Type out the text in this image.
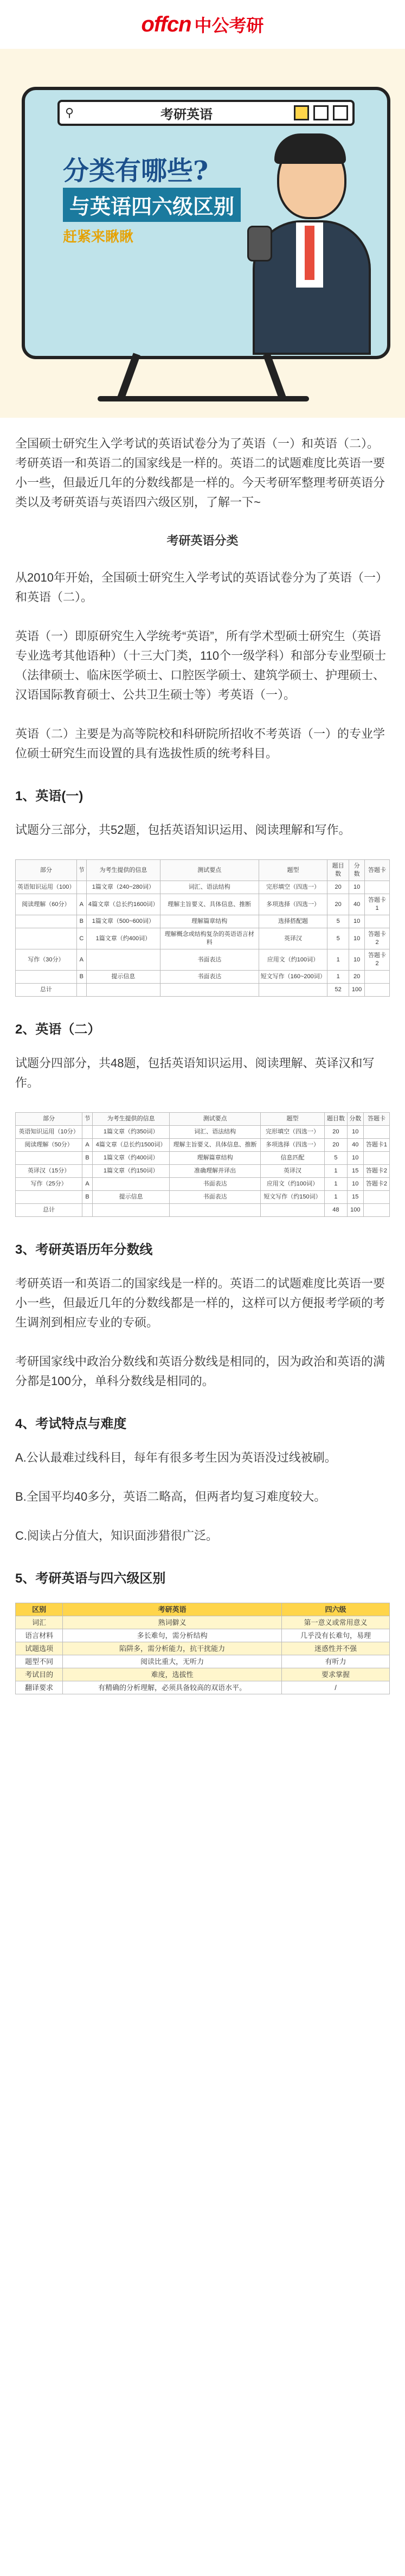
offcn 中公考研
⚲	考研英语
分类有哪些?
与英语四六级区别
赶紧来瞅瞅

全国硕士研究生入学考试的英语试卷分为了英语（一）和英语（二）。考研英语一和英语二的国家线是一样的。英语二的试题难度比英语一要小一些，但最近几年的分数线都是一样的。今天考研军整理考研英语分类以及考研英语与英语四六级区别，了解一下~

考研英语分类

从2010年开始，全国硕士研究生入学考试的英语试卷分为了英语（一）和英语（二）。

英语（一）即原研究生入学统考“英语”，所有学术型硕士研究生（英语专业选考其他语种）（十三大门类，110个一级学科）和部分专业型硕士（法律硕士、临床医学硕士、口腔医学硕士、建筑学硕士、护理硕士、汉语国际教育硕士、公共卫生硕士等）考英语（一）。

英语（二）主要是为高等院校和科研院所招收不考英语（一）的专业学位硕士研究生而设置的具有选拔性质的统考科目。

1、英语(一)

试题分三部分，共52题，包括英语知识运用、阅读理解和写作。

部分	节	为考生提供的信息	测试要点	题型	题目数	分数	答题卡
英语知识运用（100）		1篇文章（240~280词）	词汇、语法结构	完形填空（四选一）	20	10	
阅读理解（60分）	A	4篇文章（总长约1600词）	理解主旨要义、具体信息、推断	多项选择（四选一）	20	40	答题卡1
	B	1篇文章（500~600词）	理解篇章结构	选择搭配题	5	10	
	C	1篇文章（约400词）	理解概念或结构复杂的英语语言材料	英译汉	5	10	答题卡2
写作（30分）	A		书面表达	应用文（约100词）	1	10	答题卡2
	B	提示信息	书面表达	短文写作（160~200词）	1	20	
总计					52	100	
2、英语（二）

试题分四部分，共48题，包括英语知识运用、阅读理解、英译汉和写作。

部分	节	为考生提供的信息	测试要点	题型	题目数	分数	答题卡
英语知识运用（10分）		1篇文章（约350词）	词汇、语法结构	完形填空（四选一）	20	10	
阅读理解（50分）	A	4篇文章（总长约1500词）	理解主旨要义、具体信息、推断	多项选择（四选一）	20	40	答题卡1
	B	1篇文章（约400词）	理解篇章结构	信息匹配	5	10	
英译汉（15分）		1篇文章（约150词）	准确理解并译出	英译汉	1	15	答题卡2
写作（25分）	A		书面表达	应用文（约100词）	1	10	答题卡2
	B	提示信息	书面表达	短文写作（约150词）	1	15	
总计					48	100	
3、考研英语历年分数线

考研英语一和英语二的国家线是一样的。英语二的试题难度比英语一要小一些，但最近几年的分数线都是一样的，这样可以方便报考学硕的考生调剂到相应专业的专硕。

考研国家线中政治分数线和英语分数线是相同的，因为政治和英语的满分都是100分，单科分数线是相同的。

4、考试特点与难度

A.公认最难过线科目，每年有很多考生因为英语没过线被刷。

B.全国平均40多分，英语二略高，但两者均复习难度较大。

C.阅读占分值大，知识面涉猎很广泛。

5、考研英语与四六级区别
区别	考研英语	四六级
词汇	熟词僻义	第一意义或常用意义
语言材料	多长难句，需分析结构	几乎没有长难句，易理
试题选项	陷阱多，需分析能力，抗干扰能力	迷惑性并不强
题型不同	阅读比重大，无听力	有听力
考试目的	难度，选拔性	要求掌握
翻译要求	有精确的分析理解，必须具备较高的双语水平。	/
